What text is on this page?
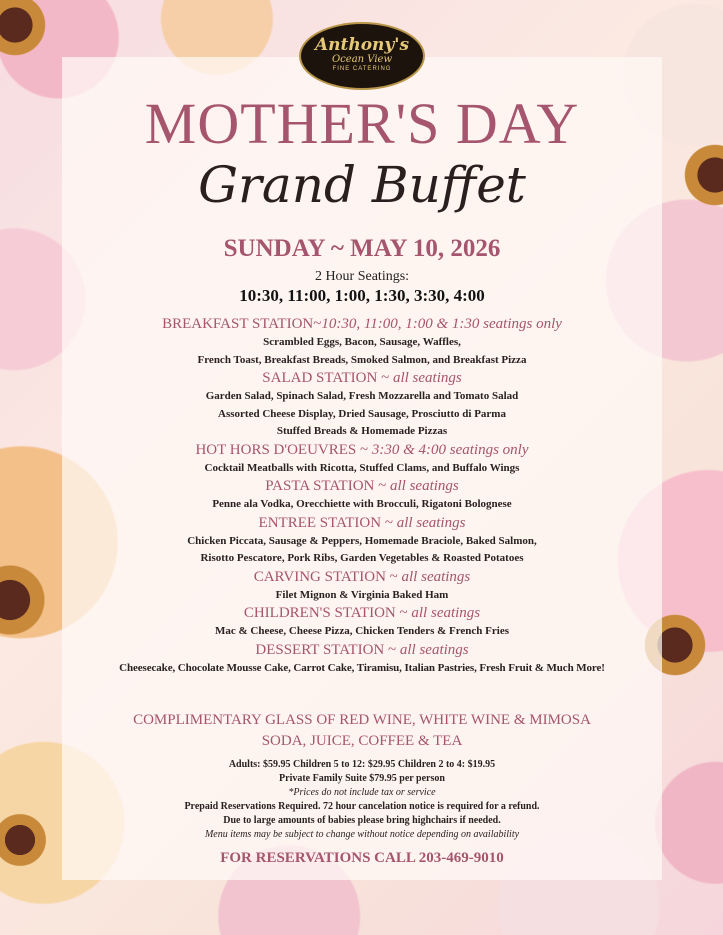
Anthony's
Ocean View
FINE CATERING
MOTHER'S DAY
Grand Buffet
SUNDAY ~ MAY 10, 2026
2 Hour Seatings:
10:30, 11:00, 1:00, 1:30, 3:30, 4:00
BREAKFAST STATION~10:30, 11:00, 1:00 & 1:30 seatings only
Scrambled Eggs, Bacon, Sausage, Waffles,
French Toast, Breakfast Breads, Smoked Salmon, and Breakfast Pizza
SALAD STATION ~ all seatings
Garden Salad, Spinach Salad, Fresh Mozzarella and Tomato Salad
Assorted Cheese Display, Dried Sausage, Prosciutto di Parma
Stuffed Breads & Homemade Pizzas
HOT HORS D'OEUVRES ~ 3:30 & 4:00 seatings only
Cocktail Meatballs with Ricotta, Stuffed Clams, and Buffalo Wings
PASTA STATION ~ all seatings
Penne ala Vodka, Orecchiette with Brocculi, Rigatoni Bolognese
ENTREE STATION ~ all seatings
Chicken Piccata, Sausage & Peppers, Homemade Braciole, Baked Salmon,
Risotto Pescatore, Pork Ribs, Garden Vegetables & Roasted Potatoes
CARVING STATION ~ all seatings
Filet Mignon & Virginia Baked Ham
CHILDREN'S STATION ~ all seatings
Mac & Cheese, Cheese Pizza, Chicken Tenders & French Fries
DESSERT STATION ~ all seatings
Cheesecake, Chocolate Mousse Cake, Carrot Cake, Tiramisu, Italian Pastries, Fresh Fruit & Much More!
COMPLIMENTARY GLASS OF RED WINE, WHITE WINE & MIMOSA
SODA, JUICE, COFFEE & TEA
Adults: $59.95 Children 5 to 12: $29.95 Children 2 to 4: $19.95
Private Family Suite $79.95 per person
*Prices do not include tax or service
Prepaid Reservations Required. 72 hour cancelation notice is required for a refund.
Due to large amounts of babies please bring highchairs if needed.
Menu items may be subject to change without notice depending on availability
FOR RESERVATIONS CALL 203-469-9010
